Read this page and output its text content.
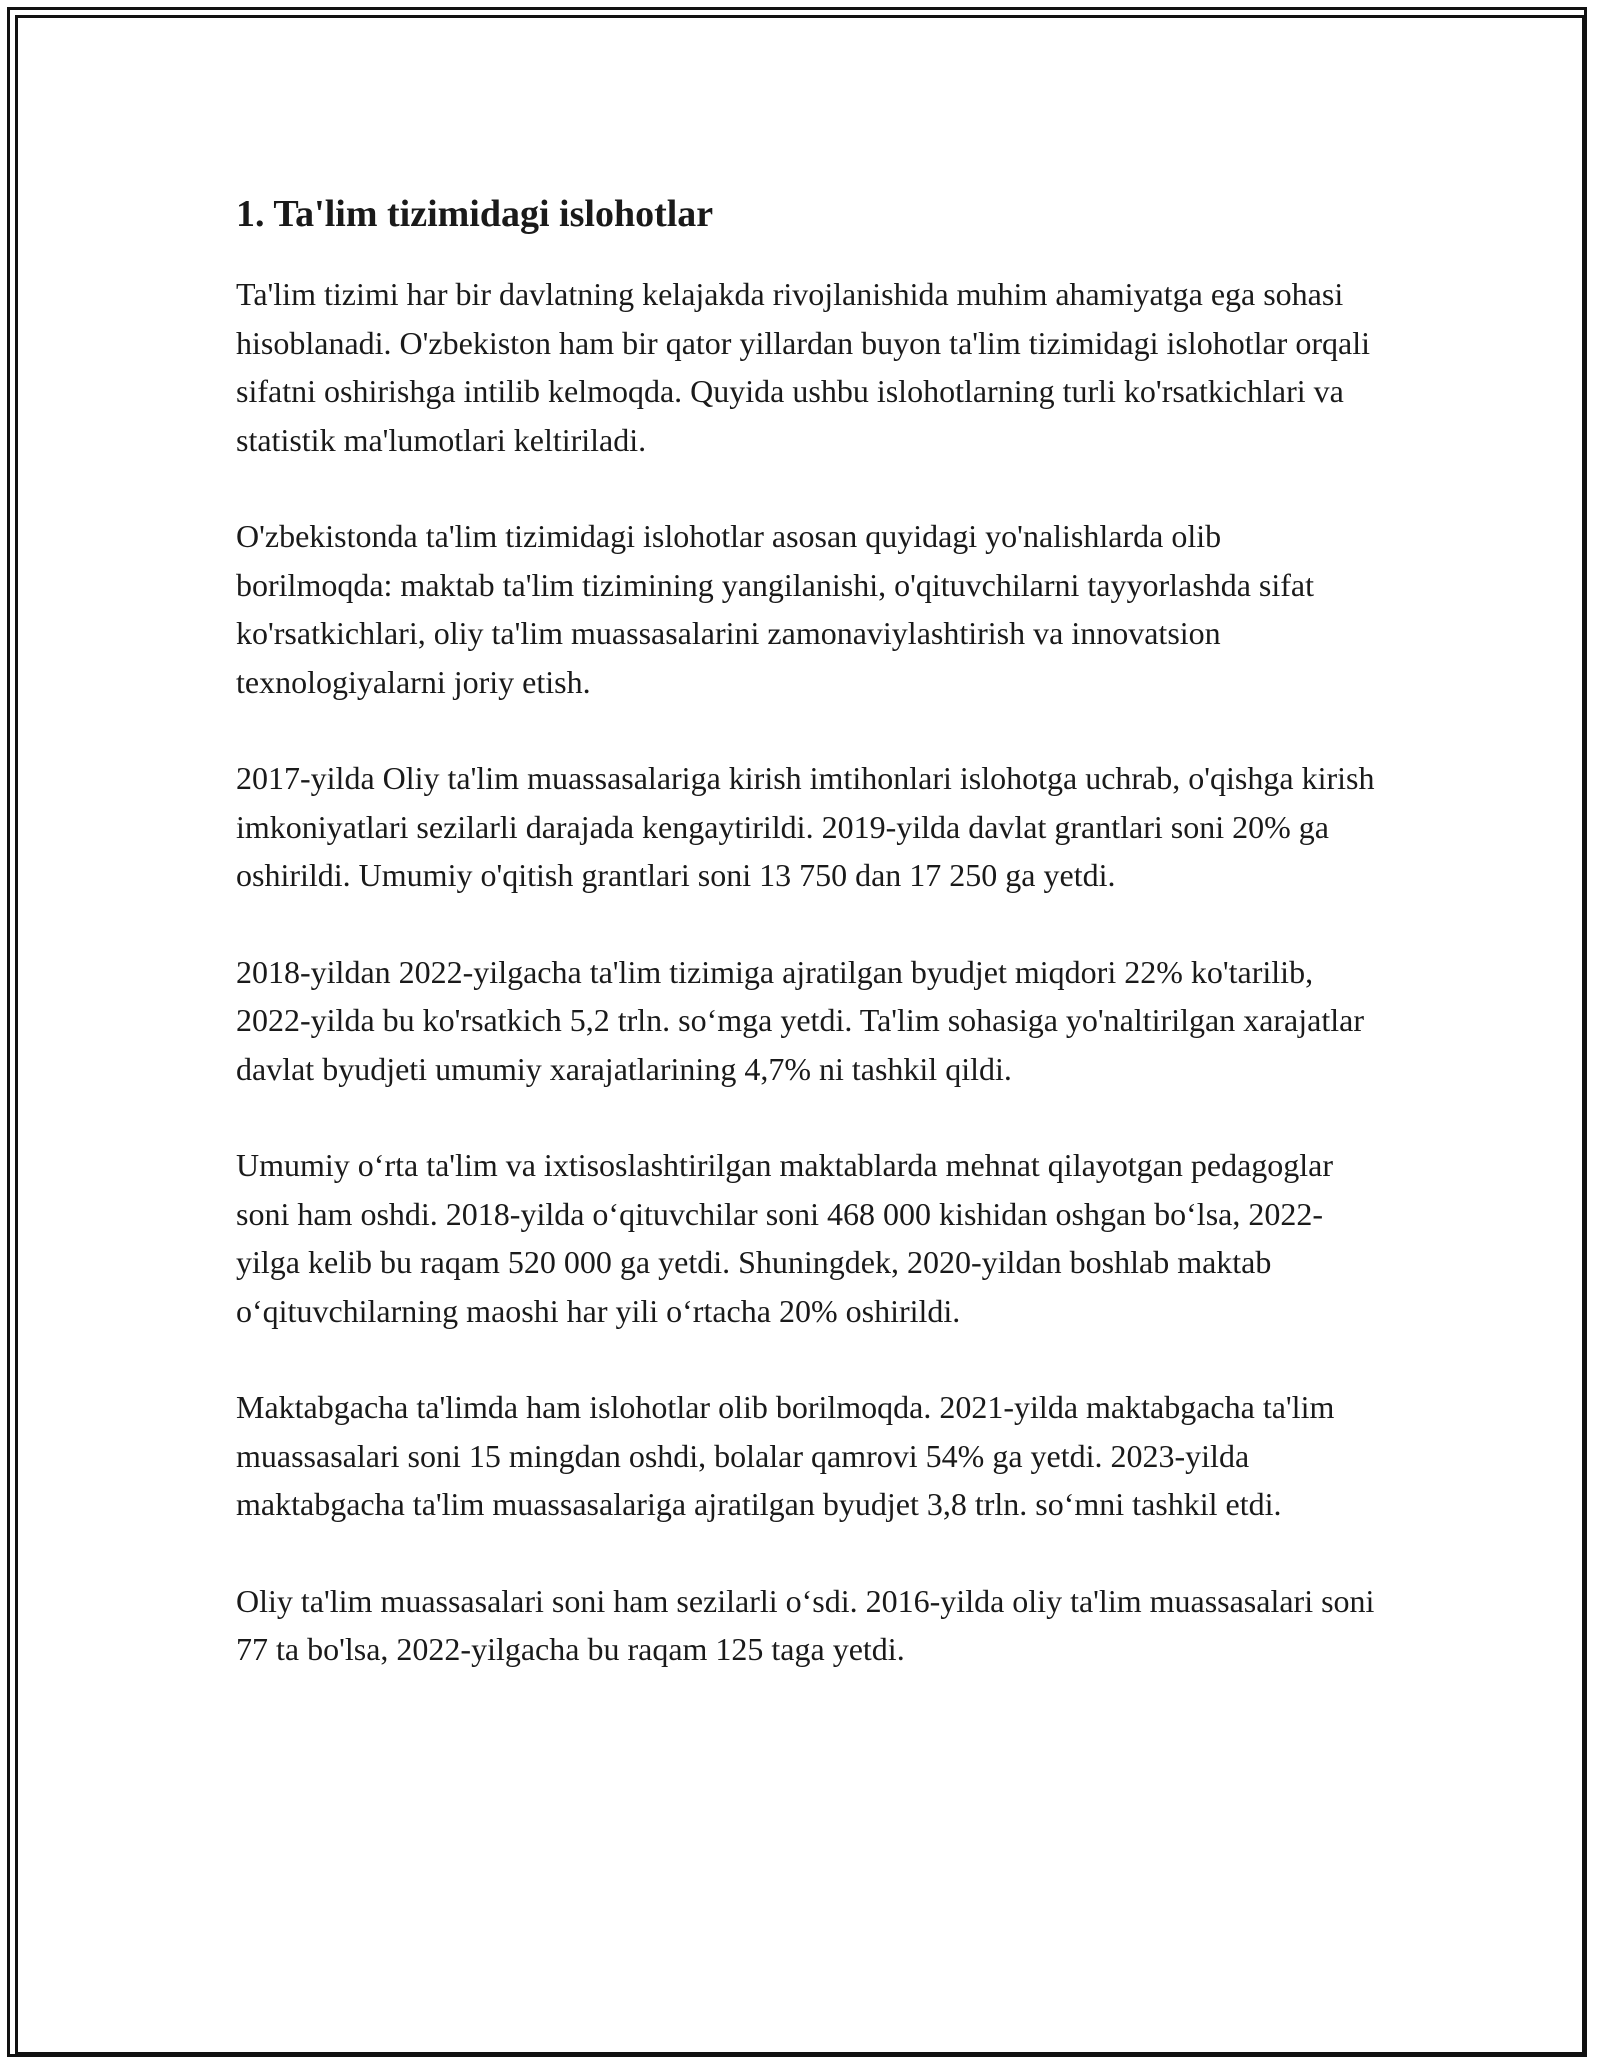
1. Ta'lim tizimidagi islohotlar

Ta'lim tizimi har bir davlatning kelajakda rivojlanishida muhim ahamiyatga ega sohasi hisoblanadi. O'zbekiston ham bir qator yillardan buyon ta'lim tizimidagi islohotlar orqali sifatni oshirishga intilib kelmoqda. Quyida ushbu islohotlarning turli ko'rsatkichlari va statistik ma'lumotlari keltiriladi.

O'zbekistonda ta'lim tizimidagi islohotlar asosan quyidagi yo'nalishlarda olib borilmoqda: maktab ta'lim tizimining yangilanishi, o'qituvchilarni tayyorlashda sifat ko'rsatkichlari, oliy ta'lim muassasalarini zamonaviylashtirish va innovatsion texnologiyalarni joriy etish.

2017-yilda Oliy ta'lim muassasalariga kirish imtihonlari islohotga uchrab, o'qishga kirish imkoniyatlari sezilarli darajada kengaytirildi. 2019-yilda davlat grantlari soni 20% ga oshirildi. Umumiy o'qitish grantlari soni 13 750 dan 17 250 ga yetdi.

2018-yildan 2022-yilgacha ta'lim tizimiga ajratilgan byudjet miqdori 22% ko'tarilib, 2022-yilda bu ko'rsatkich 5,2 trln. so‘mga yetdi. Ta'lim sohasiga yo'naltirilgan xarajatlar davlat byudjeti umumiy xarajatlarining 4,7% ni tashkil qildi.

Umumiy o‘rta ta'lim va ixtisoslashtirilgan maktablarda mehnat qilayotgan pedagoglar soni ham oshdi. 2018-yilda o‘qituvchilar soni 468 000 kishidan oshgan bo‘lsa, 2022-yilga kelib bu raqam 520 000 ga yetdi. Shuningdek, 2020-yildan boshlab maktab o‘qituvchilarning maoshi har yili o‘rtacha 20% oshirildi.

Maktabgacha ta'limda ham islohotlar olib borilmoqda. 2021-yilda maktabgacha ta'lim muassasalari soni 15 mingdan oshdi, bolalar qamrovi 54% ga yetdi. 2023-yilda maktabgacha ta'lim muassasalariga ajratilgan byudjet 3,8 trln. so‘mni tashkil etdi.

Oliy ta'lim muassasalari soni ham sezilarli o‘sdi. 2016-yilda oliy ta'lim muassasalari soni 77 ta bo'lsa, 2022-yilgacha bu raqam 125 taga yetdi.
